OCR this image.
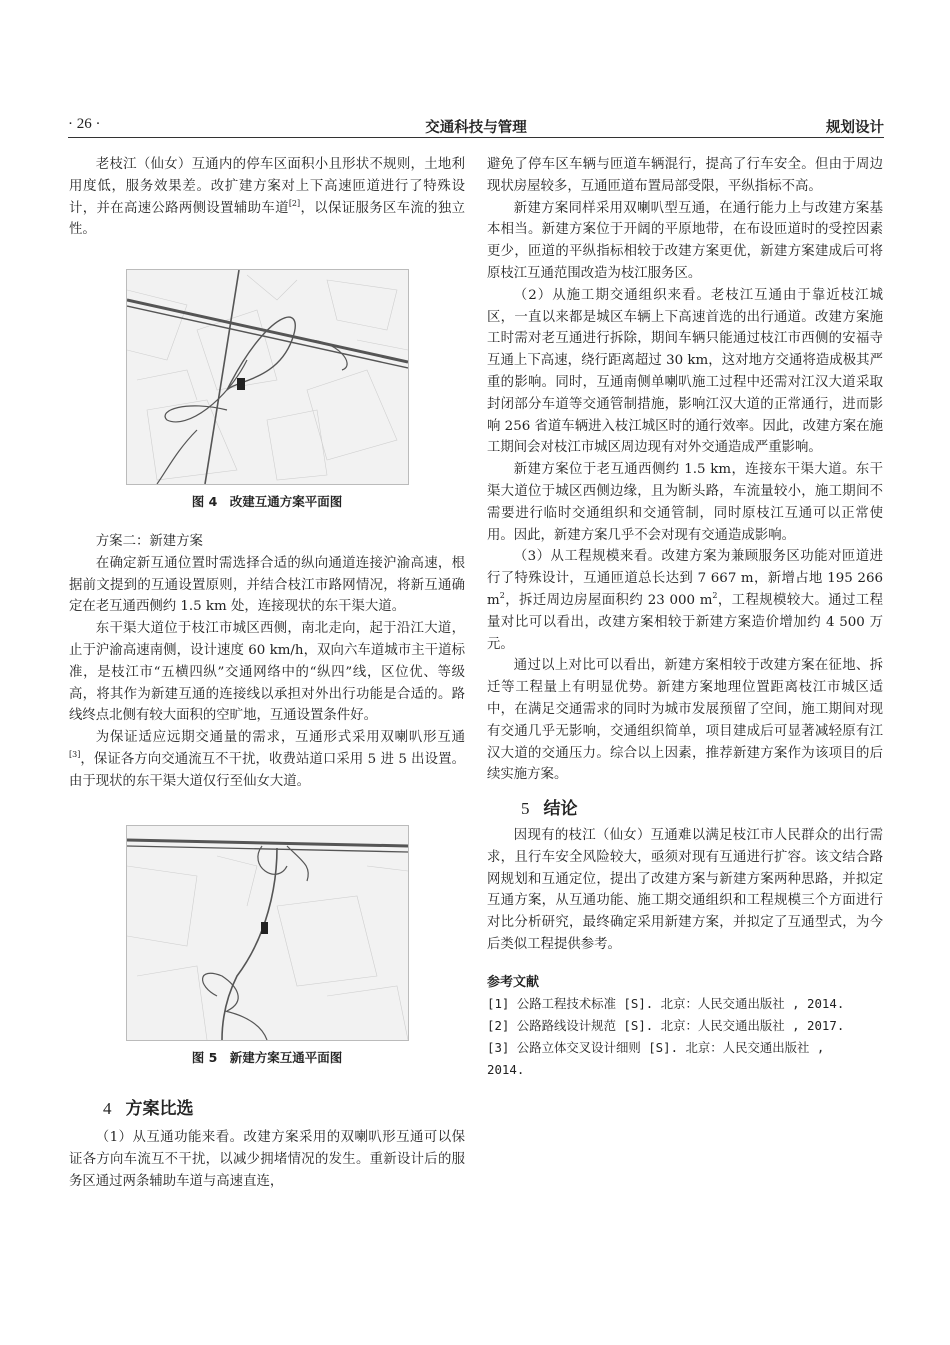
· 26 ·	交通科技与管理	规划设计

老枝江（仙女）互通内的停车区面积小且形状不规则，土地利用度低，服务效果差。改扩建方案对上下高速匝道进行了特殊设计，并在高速公路两侧设置辅助车道[2]，以保证服务区车流的独立性。

图 4　改建互通方案平面图

方案二：新建方案

在确定新互通位置时需选择合适的纵向通道连接沪渝高速，根据前文提到的互通设置原则，并结合枝江市路网情况，将新互通确定在老互通西侧约 1.5 km 处，连接现状的东干渠大道。

东干渠大道位于枝江市城区西侧，南北走向，起于沿江大道，止于沪渝高速南侧，设计速度 60 km/h，双向六车道城市主干道标准，是枝江市“五横四纵”交通网络中的“纵四”线，区位优、等级高，将其作为新建互通的连接线以承担对外出行功能是合适的。路线终点北侧有较大面积的空旷地，互通设置条件好。

为保证适应远期交通量的需求，互通形式采用双喇叭形互通[3]，保证各方向交通流互不干扰，收费站道口采用 5 进 5 出设置。由于现状的东干渠大道仅行至仙女大道。

图 5　新建方案互通平面图

4 方案比选

（1）从互通功能来看。改建方案采用的双喇叭形互通可以保证各方向车流互不干扰，以减少拥堵情况的发生。重新设计后的服务区通过两条辅助车道与高速直连，

避免了停车区车辆与匝道车辆混行，提高了行车安全。但由于周边现状房屋较多，互通匝道布置局部受限，平纵指标不高。

新建方案同样采用双喇叭型互通，在通行能力上与改建方案基本相当。新建方案位于开阔的平原地带，在布设匝道时的受控因素更少，匝道的平纵指标相较于改建方案更优，新建方案建成后可将原枝江互通范围改造为枝江服务区。

（2）从施工期交通组织来看。老枝江互通由于靠近枝江城区，一直以来都是城区车辆上下高速首选的出行通道。改建方案施工时需对老互通进行拆除，期间车辆只能通过枝江市西侧的安福寺互通上下高速，绕行距离超过 30 km，这对地方交通将造成极其严重的影响。同时，互通南侧单喇叭施工过程中还需对江汉大道采取封闭部分车道等交通管制措施，影响江汉大道的正常通行，进而影响 256 省道车辆进入枝江城区时的通行效率。因此，改建方案在施工期间会对枝江市城区周边现有对外交通造成严重影响。

新建方案位于老互通西侧约 1.5 km，连接东干渠大道。东干渠大道位于城区西侧边缘，且为断头路，车流量较小，施工期间不需要进行临时交通组织和交通管制，同时原枝江互通可以正常使用。因此，新建方案几乎不会对现有交通造成影响。

（3）从工程规模来看。改建方案为兼顾服务区功能对匝道进行了特殊设计，互通匝道总长达到 7 667 m，新增占地 195 266 $m^2$，拆迁周边房屋面积约 23 000 $m^2$，工程规模较大。通过工程量对比可以看出，改建方案相较于新建方案造价增加约 4 500 万元。

通过以上对比可以看出，新建方案相较于改建方案在征地、拆迁等工程量上有明显优势。新建方案地理位置距离枝江市城区适中，在满足交通需求的同时为城市发展预留了空间，施工期间对现有交通几乎无影响，交通组织简单，项目建成后可显著减轻原有江汉大道的交通压力。综合以上因素，推荐新建方案作为该项目的后续实施方案。

5 结论

因现有的枝江（仙女）互通难以满足枝江市人民群众的出行需求，且行车安全风险较大，亟须对现有互通进行扩容。该文结合路网规划和互通定位，提出了改建方案与新建方案两种思路，并拟定互通方案，从互通功能、施工期交通组织和工程规模三个方面进行对比分析研究，最终确定采用新建方案，并拟定了互通型式，为今后类似工程提供参考。

参考文献
[1] 公路工程技术标准 [S]. 北京：人民交通出版社 , 2014.
[2] 公路路线设计规范 [S]. 北京：人民交通出版社 , 2017.
[3] 公路立体交叉设计细则 [S]. 北京：人民交通出版社 ,
2014.
